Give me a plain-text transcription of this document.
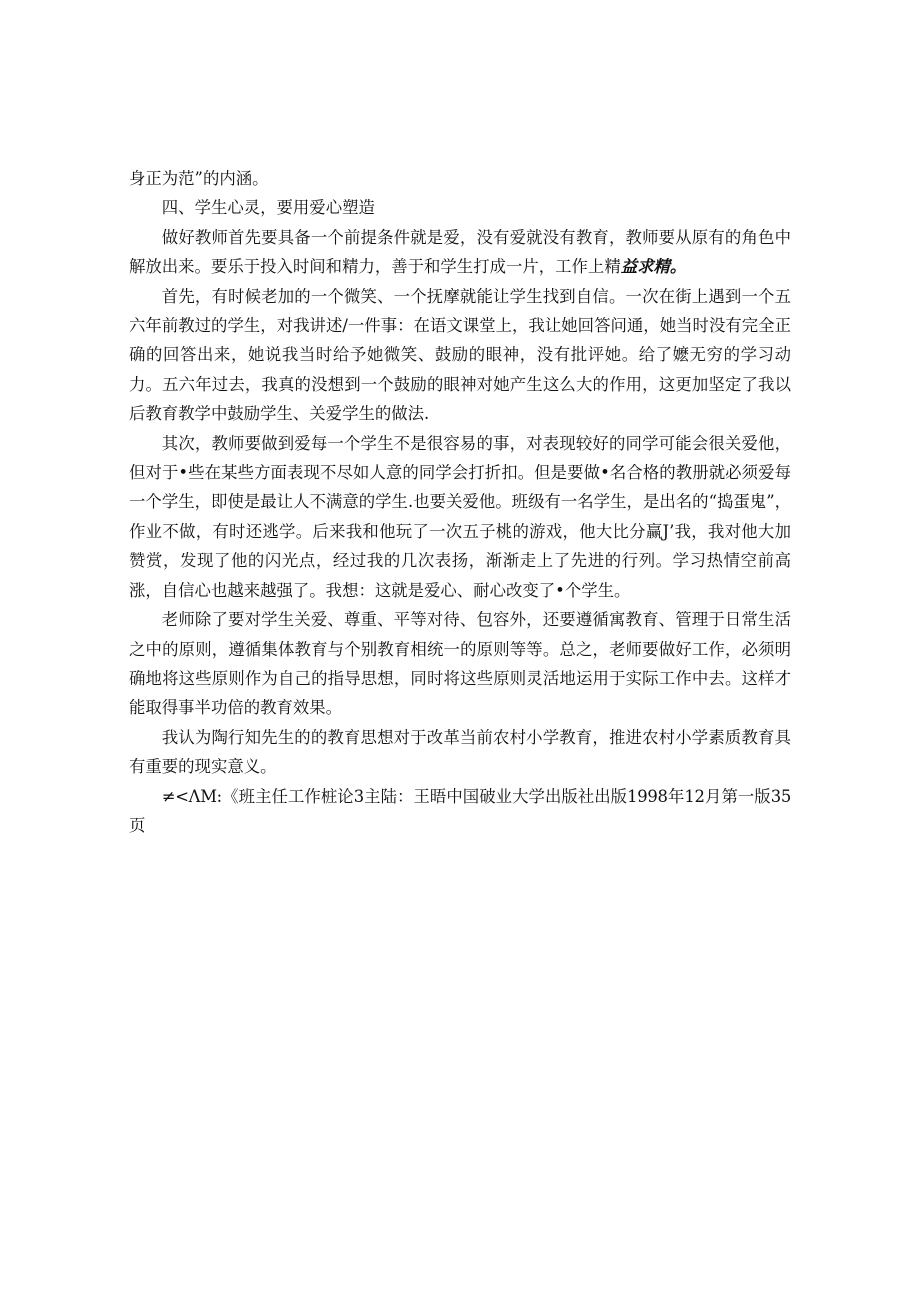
身正为范”的内涵。

四、学生心灵，要用爱心塑造

做好教师首先要具备一个前提条件就是爱，没有爱就没有教育，教师要从原有的角色中解放出来。要乐于投入时间和精力，善于和学生打成一片，工作上精益求精。

首先，有时候老加的一个微笑、一个抚摩就能让学生找到自信。一次在街上遇到一个五六年前教过的学生，对我讲述/一件事：在语文课堂上，我让她回答问通，她当时没有完全正确的回答出来，她说我当时给予她微笑、鼓励的眼神，没有批评她。给了嬷无穷的学习动力。五六年过去，我真的没想到一个鼓励的眼神对她产生这么大的作用，这更加坚定了我以后教育教学中鼓励学生、关爱学生的做法.

其次，教师要做到爱每一个学生不是很容易的事，对表现较好的同学可能会很关爱他，但对于•些在某些方面表现不尽如人意的同学会打折扣。但是要做•名合格的教册就必须爱每一个学生，即使是最让人不满意的学生.也要关爱他。班级有一名学生，是出名的“捣蛋鬼”，作业不做，有时还逃学。后来我和他玩了一次五子桃的游戏，他大比分赢J’我，我对他大加赞赏，发现了他的闪光点，经过我的几次表扬，渐渐走上了先进的行列。学习热情空前高涨，自信心也越来越强了。我想：这就是爱心、耐心改变了•个学生。

老师除了要对学生关爱、尊重、平等对待、包容外，还要遵循寓教育、管理于日常生活之中的原则，遵循集体教育与个别教育相统一的原则等等。总之，老师要做好工作，必须明确地将这些原则作为自己的指导思想，同时将这些原则灵活地运用于实际工作中去。这样才能取得事半功倍的教育效果。

我认为陶行知先生的的教育思想对于改革当前农村小学教育，推进农村小学素质教育具有重要的现实意义。

≠<ΛM:《班主任工作桩论3主陆：王晤中国破业大学出版社出版1998年12月第一版35页
